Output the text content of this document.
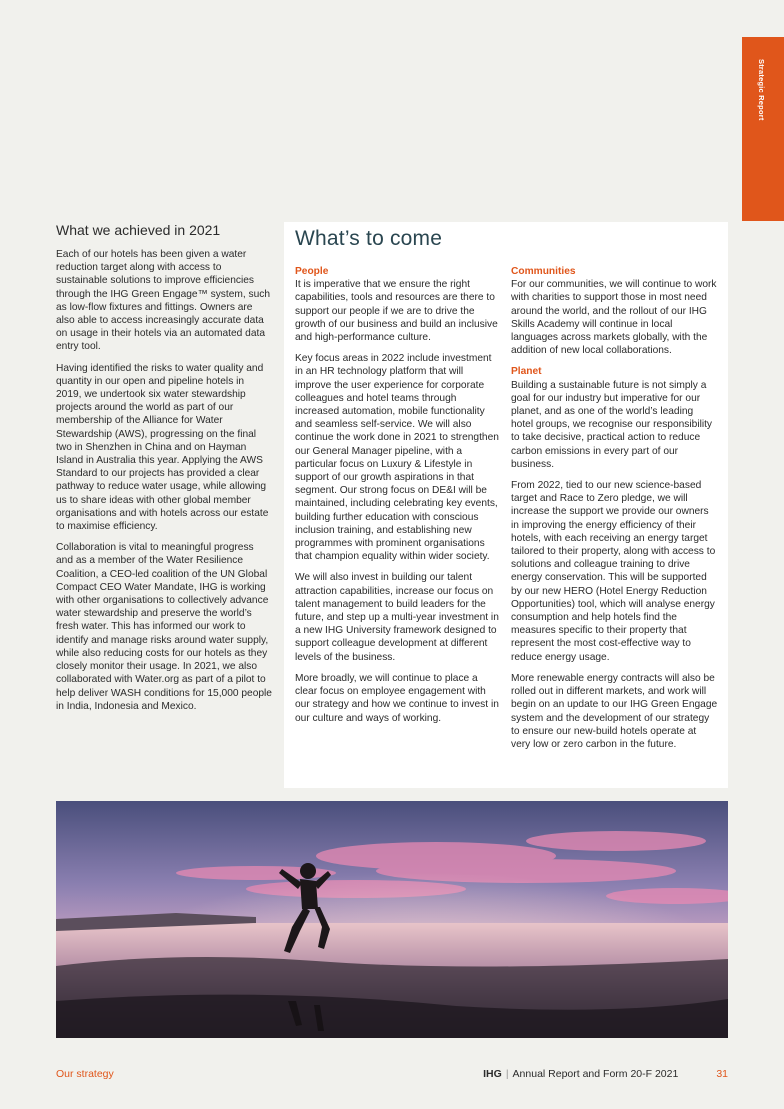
Strategic Report
What we achieved in 2021

Each of our hotels has been given a water reduction target along with access to sustainable solutions to improve efficiencies through the IHG Green Engage™ system, such as low-flow fixtures and fittings. Owners are also able to access increasingly accurate data on usage in their hotels via an automated data entry tool.

Having identified the risks to water quality and quantity in our open and pipeline hotels in 2019, we undertook six water stewardship projects around the world as part of our membership of the Alliance for Water Stewardship (AWS), progressing on the final two in Shenzhen in China and on Hayman Island in Australia this year. Applying the AWS Standard to our projects has provided a clear pathway to reduce water usage, while allowing us to share ideas with other global member organisations and with hotels across our estate to maximise efficiency.

Collaboration is vital to meaningful progress and as a member of the Water Resilience Coalition, a CEO-led coalition of the UN Global Compact CEO Water Mandate, IHG is working with other organisations to collectively advance water stewardship and preserve the world’s fresh water. This has informed our work to identify and manage risks around water supply, while also reducing costs for our hotels as they closely monitor their usage. In 2021, we also collaborated with Water.org as part of a pilot to help deliver WASH conditions for 15,000 people in India, Indonesia and Mexico.

What’s to come
People

It is imperative that we ensure the right capabilities, tools and resources are there to support our people if we are to drive the growth of our business and build an inclusive and high-performance culture.

Key focus areas in 2022 include investment in an HR technology platform that will improve the user experience for corporate colleagues and hotel teams through increased automation, mobile functionality and seamless self-service. We will also continue the work done in 2021 to strengthen our General Manager pipeline, with a particular focus on Luxury & Lifestyle in support of our growth aspirations in that segment. Our strong focus on DE&I will be maintained, including celebrating key events, building further education with conscious inclusion training, and establishing new programmes with prominent organisations that champion equality within wider society.

We will also invest in building our talent attraction capabilities, increase our focus on talent management to build leaders for the future, and step up a multi-year investment in a new IHG University framework designed to support colleague development at different levels of the business.

More broadly, we will continue to place a clear focus on employee engagement with our strategy and how we continue to invest in our culture and ways of working.

Communities

For our communities, we will continue to work with charities to support those in most need around the world, and the rollout of our IHG Skills Academy will continue in local languages across markets globally, with the addition of new local collaborations.

Planet

Building a sustainable future is not simply a goal for our industry but imperative for our planet, and as one of the world’s leading hotel groups, we recognise our responsibility to take decisive, practical action to reduce carbon emissions in every part of our business.

From 2022, tied to our new science-based target and Race to Zero pledge, we will increase the support we provide our owners in improving the energy efficiency of their hotels, with each receiving an energy target tailored to their property, along with access to solutions and colleague training to drive energy conservation. This will be supported by our new HERO (Hotel Energy Reduction Opportunities) tool, which will analyse energy consumption and help hotels find the measures specific to their property that represent the most cost-effective way to reduce energy usage.

More renewable energy contracts will also be rolled out in different markets, and work will begin on an update to our IHG Green Engage system and the development of our strategy to ensure our new-build hotels operate at very low or zero carbon in the future.

Our strategy	IHG | Annual Report and Form 20-F 2021	31
